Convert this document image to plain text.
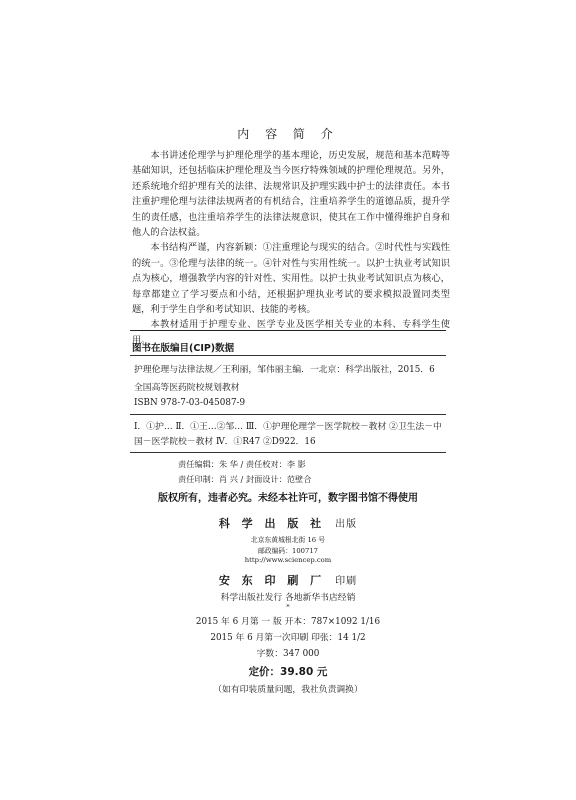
内 容 简 介

本书讲述伦理学与护理伦理学的基本理论，历史发展，规范和基本范畴等基础知识，还包括临床护理伦理及当今医疗特殊领域的护理伦理规范。另外，还系统地介绍护理有关的法律、法规常识及护理实践中护士的法律责任。本书注重护理伦理与法律法规两者的有机结合，注重培养学生的道德品质，提升学生的责任感，也注重培养学生的法律法规意识，使其在工作中懂得维护自身和他人的合法权益。

本书结构严谨，内容新颖：①注重理论与现实的结合。②时代性与实践性的统一。③伦理与法律的统一。④针对性与实用性统一。以护士执业考试知识点为核心，增强教学内容的针对性、实用性。以护士执业考试知识点为核心，每章都建立了学习要点和小结，还根据护理执业考试的要求模拟設置同类型题，利于学生自学和考试知识、技能的考核。

本教材适用于护理专业、医学专业及医学相关专业的本科、专科学生使用。

图书在版编目(CIP)数据
护理伦理与法律法规／王利丽，邹伟丽主编．一北京：科学出版社，2015．6
全国高等医药院校规划教材
ISBN 978-7-03-045087-9
Ⅰ．①护… Ⅱ．①王…②邹… Ⅲ．①护理伦理学－医学院校－教材 ②卫生法－中国－医学院校－教材 Ⅳ．①R47 ②D922．16
版权所有，违者必究。未经本社许可，数字图书馆不得使用
责任编辑：朱 华 / 责任校对：李 影
责任印制：肖 兴 / 封面设计：范壁合
科 学 出 版 社 出版
北京东黄城根北街 16 号
邮政编码：100717
http://www.sciencep.com
安 东 印 刷 厂 印刷
科学出版社发行 各地新华书店经销
*
2015 年 6 月第 一 版 开本：787×1092 1/16
2015 年 6 月第一次印刷 印张：14 1/2
字数：347 000
定价：39.80 元
（如有印装质量问题，我社负责调换）
